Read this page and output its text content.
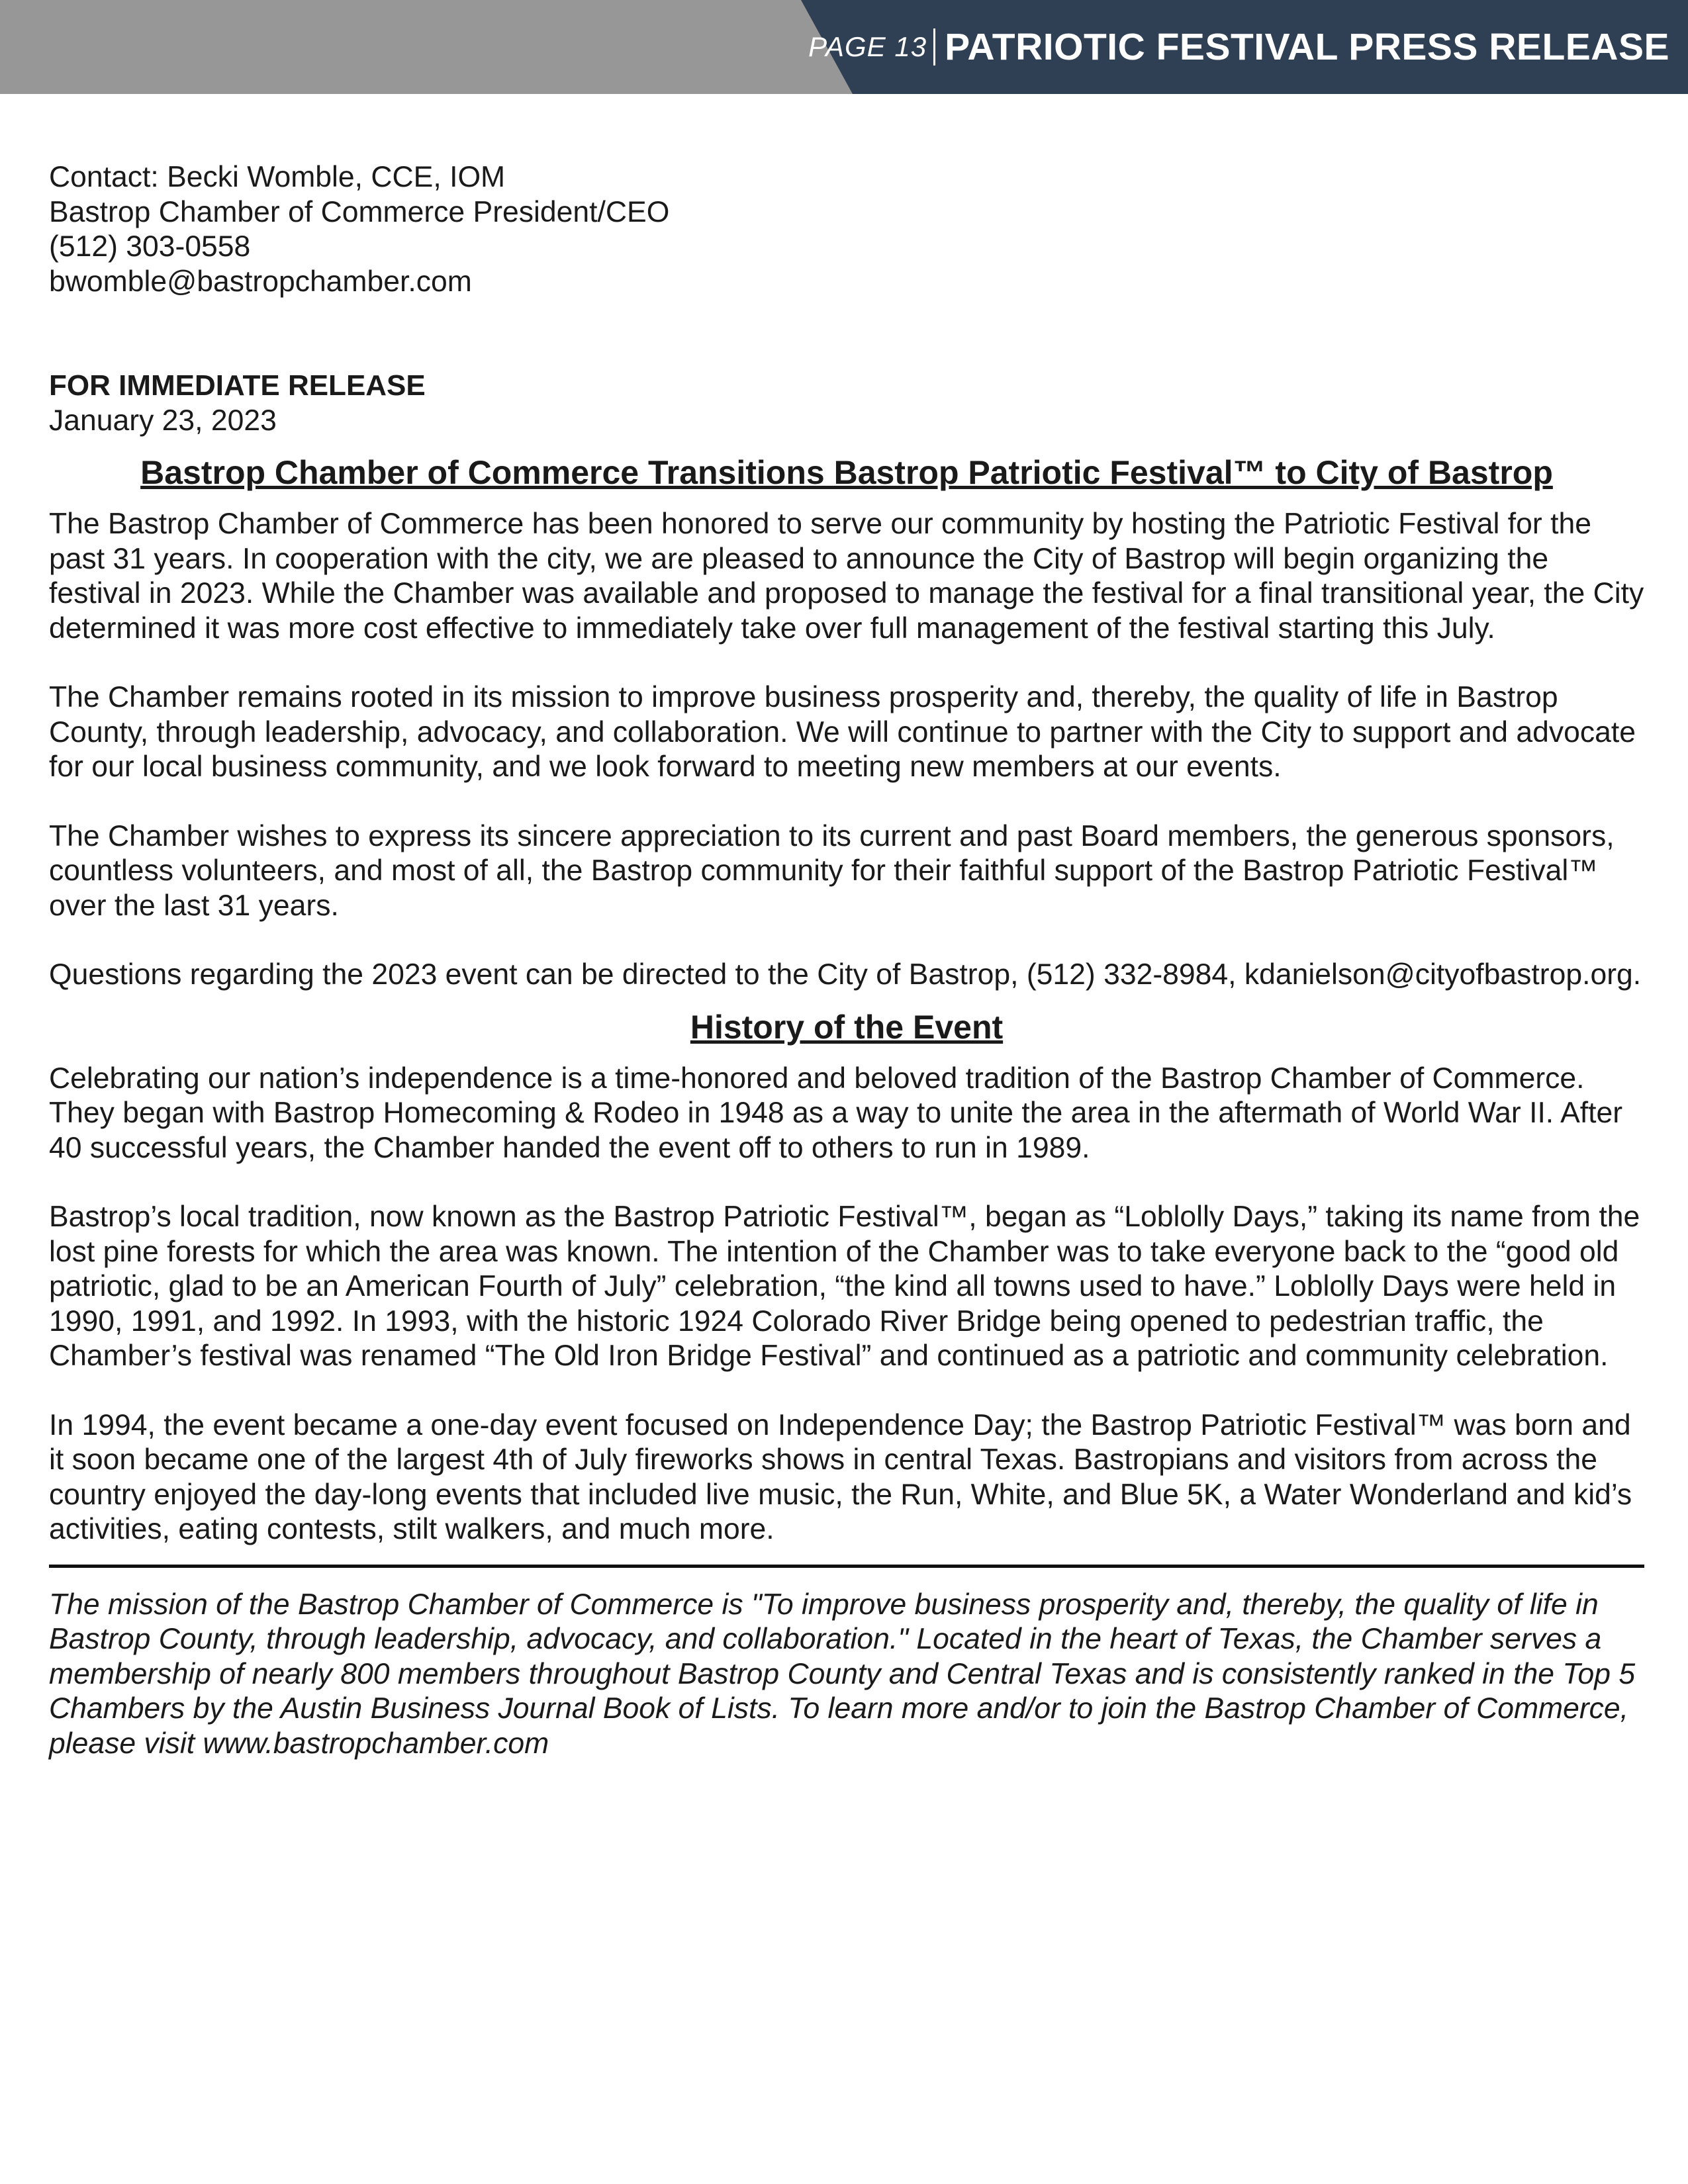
PAGE 13 PATRIOTIC FESTIVAL PRESS RELEASE
Contact: Becki Womble, CCE, IOM
Bastrop Chamber of Commerce President/CEO
(512) 303-0558
bwomble@bastropchamber.com
FOR IMMEDIATE RELEASE
January 23, 2023
Bastrop Chamber of Commerce Transitions Bastrop Patriotic Festival™ to City of Bastrop

The Bastrop Chamber of Commerce has been honored to serve our community by hosting the Patriotic Festival for the past 31 years. In cooperation with the city, we are pleased to announce the City of Bastrop will begin organizing the festival in 2023. While the Chamber was available and proposed to manage the festival for a final transitional year, the City determined it was more cost effective to immediately take over full management of the festival starting this July.

The Chamber remains rooted in its mission to improve business prosperity and, thereby, the quality of life in Bastrop County, through leadership, advocacy, and collaboration. We will continue to partner with the City to support and advocate for our local business community, and we look forward to meeting new members at our events.

The Chamber wishes to express its sincere appreciation to its current and past Board members, the generous sponsors, countless volunteers, and most of all, the Bastrop community for their faithful support of the Bastrop Patriotic Festival™ over the last 31 years.

Questions regarding the 2023 event can be directed to the City of Bastrop, (512) 332-8984, kdanielson@cityofbastrop.org.

History of the Event

Celebrating our nation’s independence is a time-honored and beloved tradition of the Bastrop Chamber of Commerce. They began with Bastrop Homecoming & Rodeo in 1948 as a way to unite the area in the aftermath of World War II. After 40 successful years, the Chamber handed the event off to others to run in 1989.

Bastrop’s local tradition, now known as the Bastrop Patriotic Festival™, began as “Loblolly Days,” taking its name from the lost pine forests for which the area was known. The intention of the Chamber was to take everyone back to the “good old patriotic, glad to be an American Fourth of July” celebration, “the kind all towns used to have.” Loblolly Days were held in 1990, 1991, and 1992. In 1993, with the historic 1924 Colorado River Bridge being opened to pedestrian traffic, the Chamber’s festival was renamed “The Old Iron Bridge Festival” and continued as a patriotic and community celebration.

In 1994, the event became a one-day event focused on Independence Day; the Bastrop Patriotic Festival™ was born and it soon became one of the largest 4th of July fireworks shows in central Texas. Bastropians and visitors from across the country enjoyed the day-long events that included live music, the Run, White, and Blue 5K, a Water Wonderland and kid’s activities, eating contests, stilt walkers, and much more.

The mission of the Bastrop Chamber of Commerce is "To improve business prosperity and, thereby, the quality of life in Bastrop County, through leadership, advocacy, and collaboration." Located in the heart of Texas, the Chamber serves a membership of nearly 800 members throughout Bastrop County and Central Texas and is consistently ranked in the Top 5 Chambers by the Austin Business Journal Book of Lists. To learn more and/or to join the Bastrop Chamber of Commerce, please visit www.bastropchamber.com
